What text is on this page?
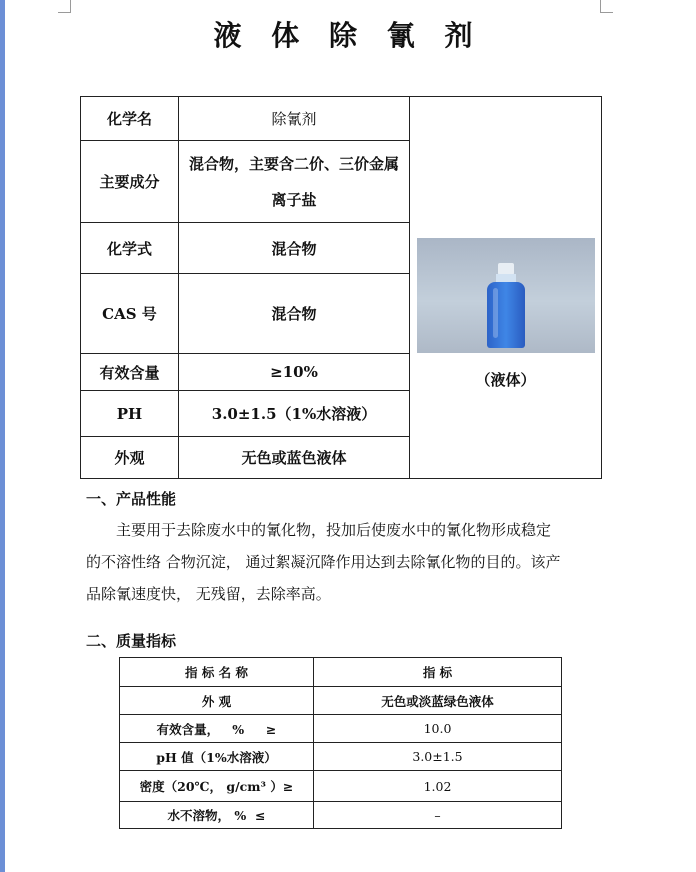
液 体 除 氰 剂
化学名	除氰剂	（液体）

主要成分	混合物，主要含二价、三价金属离子盐	
化学式	混合物	
CAS 号	混合物	
有效含量	≥10%	
PH	3.0±1.5（1%水溶液）	
外观	无色或蓝色液体	
一、产品性能

主要用于去除废水中的氰化物，投加后使废水中的氰化物形成稳定

的不溶性络 合物沉淀， 通过絮凝沉降作用达到去除氰化物的目的。该产

品除氰速度快， 无残留，去除率高。

二、质量指标
指 标 名 称	指 标
外 观	无色或淡蓝绿色液体
有效含量，   %     ≥	10.0
pH 值（1%水溶液）	3.0±1.5
密度（20℃， g/cm³ ）≥	1.02
水不溶物， %  ≤	–
